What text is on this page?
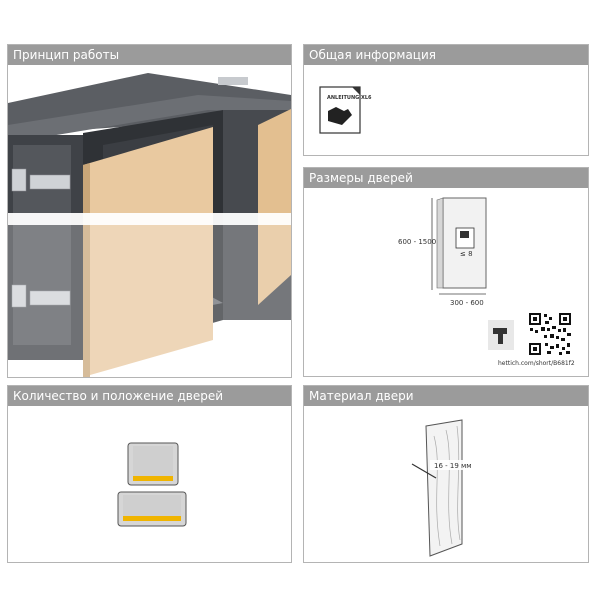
Принцип работы	Общая информация
ANLEITUNG XL6
Размеры дверей
600 - 1500
300 - 600
≤ 8
hettich.com/short/B681f2
Количество и положение дверей	Материал двери
16 - 19 мм
